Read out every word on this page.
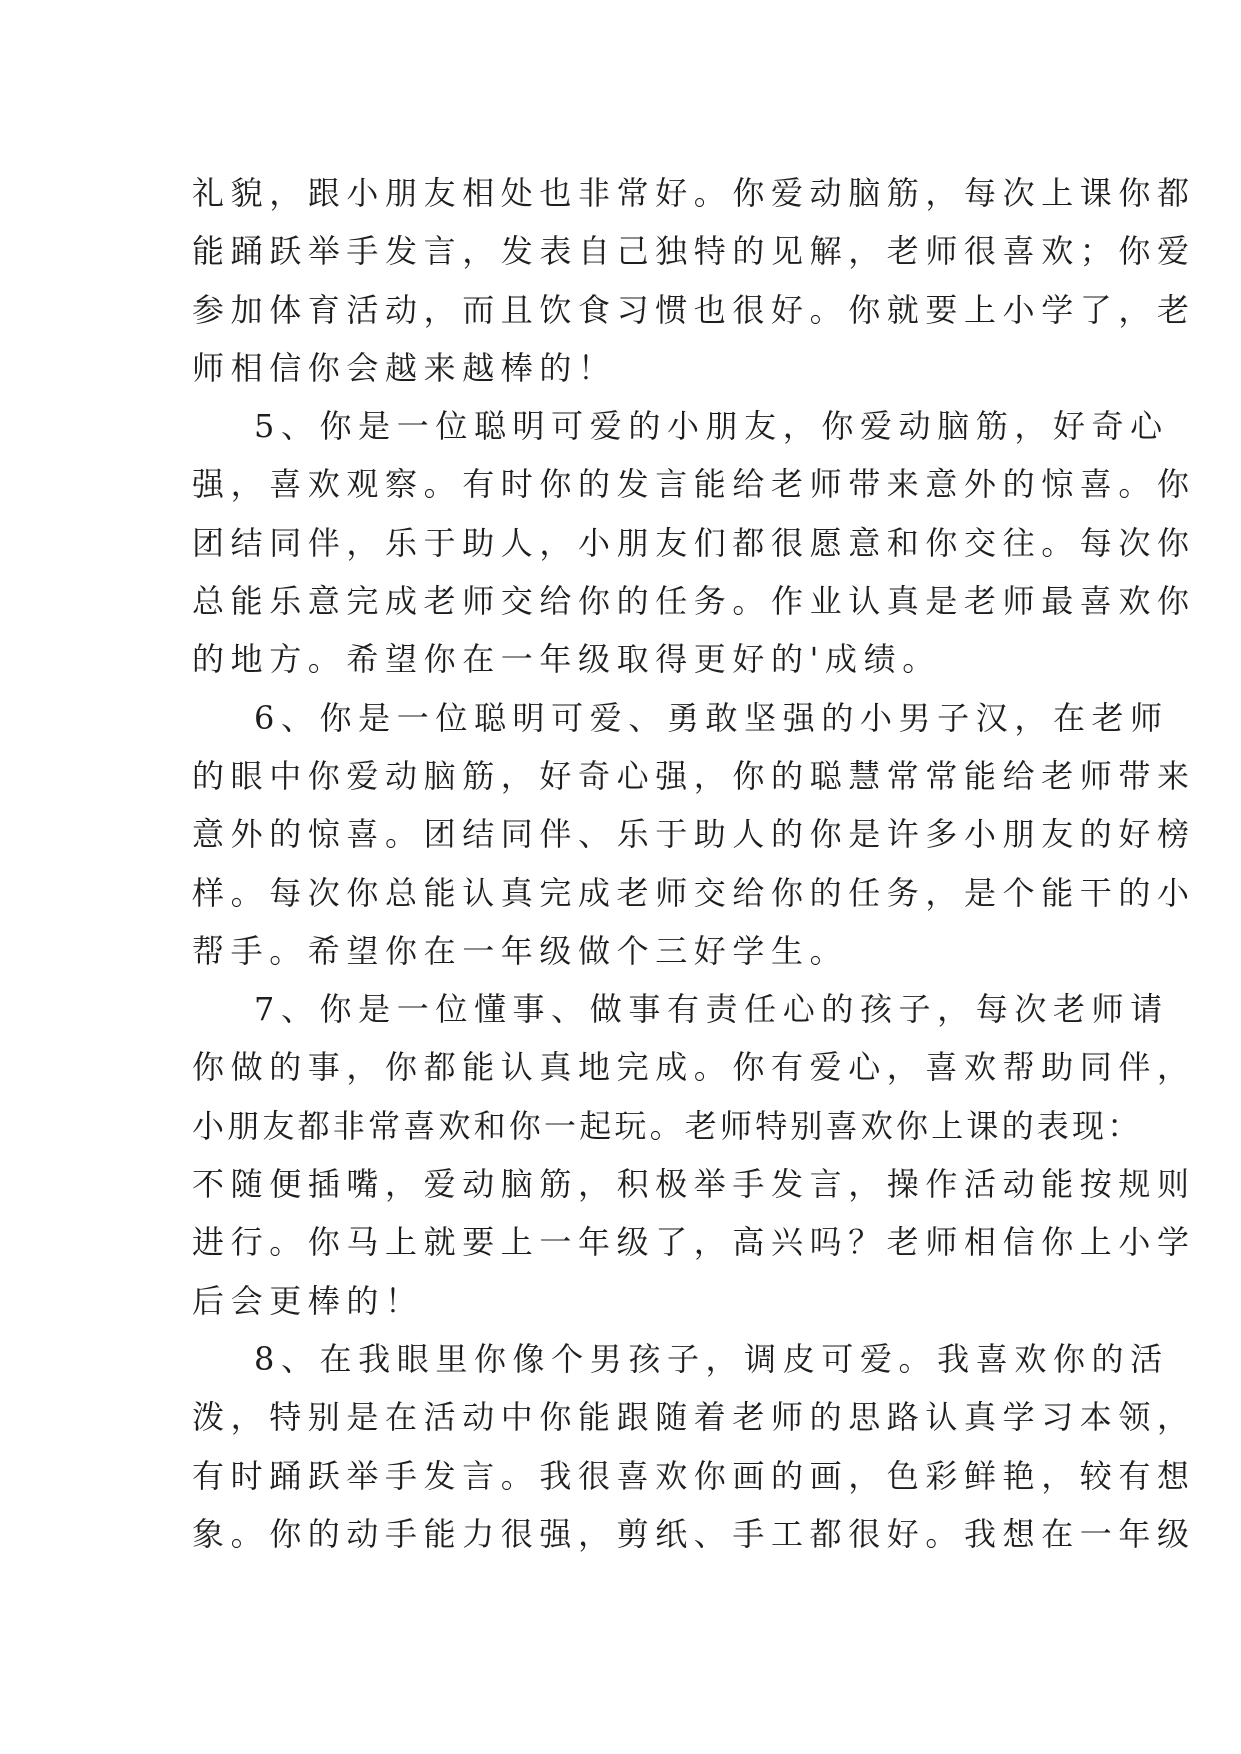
礼貌，跟小朋友相处也非常好。你爱动脑筋，每次上课你都
能踊跃举手发言，发表自己独特的见解，老师很喜欢；你爱
参加体育活动，而且饮食习惯也很好。你就要上小学了，老
师相信你会越来越棒的！
5、你是一位聪明可爱的小朋友，你爱动脑筋，好奇心
强，喜欢观察。有时你的发言能给老师带来意外的惊喜。你
团结同伴，乐于助人，小朋友们都很愿意和你交往。每次你
总能乐意完成老师交给你的任务。作业认真是老师最喜欢你
的地方。希望你在一年级取得更好的'成绩。
6、你是一位聪明可爱、勇敢坚强的小男子汉，在老师
的眼中你爱动脑筋，好奇心强，你的聪慧常常能给老师带来
意外的惊喜。团结同伴、乐于助人的你是许多小朋友的好榜
样。每次你总能认真完成老师交给你的任务，是个能干的小
帮手。希望你在一年级做个三好学生。
7、你是一位懂事、做事有责任心的孩子，每次老师请
你做的事，你都能认真地完成。你有爱心，喜欢帮助同伴，
小朋友都非常喜欢和你一起玩。老师特别喜欢你上课的表现：
不随便插嘴，爱动脑筋，积极举手发言，操作活动能按规则
进行。你马上就要上一年级了，高兴吗？老师相信你上小学
后会更棒的！
8、在我眼里你像个男孩子，调皮可爱。我喜欢你的活
泼，特别是在活动中你能跟随着老师的思路认真学习本领，
有时踊跃举手发言。我很喜欢你画的画，色彩鲜艳，较有想
象。你的动手能力很强，剪纸、手工都很好。我想在一年级
